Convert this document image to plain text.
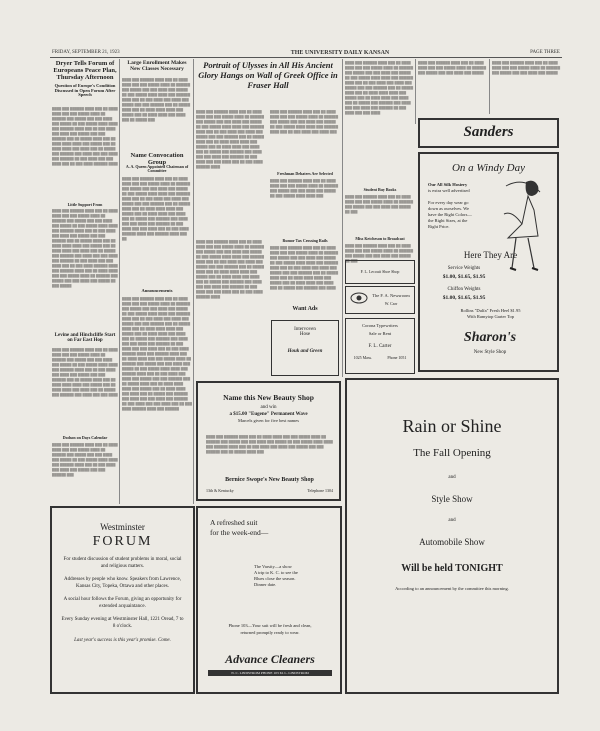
FRIDAY, SEPTEMBER 21, 1923	THE UNIVERSITY DAILY KANSAN	PAGE THREE
Dryer Tells Forum of Europeans Peace Plan, Thursday Afternoon
Question of Europe's Condition Discussed in Open Forum After Speech
████ ███ ██████ ████ ███ ██ ████ ████ ███ ███ █████ ████ ██ ██████ ███ █████ ███ ███ ████ ███ █████ ██ ███ █████ ████ ████ ███ ██████ ████ ███ ██ ███ ████ ███ ████ ███ █████ ███ ███ ██████ ███ ██ █████ ████ ███ ██ ████ ████ ████ ███ █████ ███ ██ ████ ████ ███ ████ ███ ██ █████ ███ ██████ ███ ████ ███ ███ ████ ███ ██████ ██ ███ ████ ███ ███ ████ ███ ██ ███ ████ ██████ ████
Little Support From
████ ███ ██████ ████ ███ ██ ████ ████ ███ ███ █████ ████ ██ ██████ ███ █████ ███ ███ ████ ███ █████ ██ ███ █████ ████ ████ ███ ██████ ████ ███ ██ ███ ████ ███ ████ ███ █████ ███ ███ ██████ ███ ██ █████ ████ ███ ██ ████ ████ ████ ███ █████ ███ ██ ████ ████ ███ ████ ███ ██ █████ ███ ██████ ███ ████ ███ ███ ████ ███ ██████ ██ ███ ████ ███ ███ ████ ███ ██ ███ ████ ██████ ████ ███ ██████ ████ ███ ██ ████ ████ ███ ███ █████ ████ ██ ██████ ███ █████ ███ ███ ████ ███ █████ ██ ███ █████
Levine and Hinchcliffe Start on Far East Hop
████ ███ ██████ ████ ███ ██ ████ ████ ███ ███ █████ ████ ██ ██████ ███ █████ ███ ███ ████ ███ █████ ██ ███ █████ ████ ████ ███ ██████ ████ ███ ██ ███ ████ ███ ████ ███ █████ ███ ███ ██████ ███ ██ █████ ████ ███ ██ ████ ████ ████ ███ █████ ███ ██ ████ ████ ███ ████ ███ ██ █████ ███ ██████ ███ ████ ███ ███ ████
Dodson on Days Calendar
████ ███ ██████ ████ ███ ██ ████ ████ ███ ███ █████ ████ ██ ██████ ███ █████ ███ ███ ████ ███ █████ ██ ███ █████ ████ ████ ███ ██████ ████ ███ ██ ███ ████ ███ ████ ███ █████ ███ ███ ██████ ███
Large Enrollment Makes New Classes Necessary
████ ███ ██████ ████ ███ ██ ████ ████ ███ ███ █████ ████ ██ ██████ ███ █████ ███ ███ ████ ███ █████ ██ ███ █████ ████ ████ ███ ██████ ████ ███ ██ ███ ████ ███ ████ ███ █████ ███ ███ ██████ ███ ██ █████ ████ ███ ██ ████ ████ ████ ███ █████ ███ ██ ████ ████ ███ ████ ███ ██ █████ ███
Name Convocation Group
A. A. Queen Appointed Chairman of Committee
████ ███ ██████ ████ ███ ██ ████ ████ ███ ███ █████ ████ ██ ██████ ███ █████ ███ ███ ████ ███ █████ ██ ███ █████ ████ ████ ███ ██████ ████ ███ ██ ███ ████ ███ ████ ███ █████ ███ ███ ██████ ███ ██ █████ ████ ███ ██ ████ ████ ████ ███ █████ ███ ██ ████ ████ ███ ████ ███ ██ █████ ███ ██████ ███ ████ ███ ███ ████ ███ ██████ ██ ███ ████ ███ ███ ████ ███ ██ ███ ████ ██████ ████ ███ ██████ ████ ███ ██
Announcements
████ ███ ██████ ████ ███ ██ ████ ████ ███ ███ █████ ████ ██ ██████ ███ █████ ███ ███ ████ ███ █████ ██ ███ █████ ████ ████ ███ ██████ ████ ███ ██ ███ ████ ███ ████ ███ █████ ███ ███ ██████ ███ ██ █████ ████ ███ ██ ████ ████ ████ ███ █████ ███ ██ ████ ████ ███ ████ ███ ██ █████ ███ ██████ ███ ████ ███ ███ ████ ███ ██████ ██ ███ ████ ███ ███ ████ ███ ██ ███ ████ ██████ ████ ███ ██████ ████ ███ ██ ████ ████ ███ ███ █████ ████ ██ ██████ ███ █████ ███ ███ ████ ███ █████ ██ ███ █████ ████ ████ ███ ██████ ████ ███ ██ ███ ████ ███ ████ ███ █████ ███ ███ ██████ ███ ██ █████ ████ ███ ██ ████ ████ ████ ███ █████ ███ ██ ████ ████ ███ ████ ███ ██ █████ ███ ██████ ███ ████ ███ ███ ████ ███ ██████ ██ ███ ████ ███ ███ ████ ███ ██ ███ ████ ██████ ████ ███ ██████
Portrait of Ulysses in All His Ancient Glory Hangs on Wall of Greek Office in Fraser Hall
████ ███ ██████ ████ ███ ██ ████ ████ ███ ███ █████ ████ ██ ██████ ███ █████ ███ ███ ████ ███ █████ ██ ███ █████ ████ ████ ███ ██████ ████ ███ ██ ███ ████ ███ ████ ███ █████ ███ ███ ██████ ███ ██ █████ ████ ███ ██ ████ ████ ████ ███ █████ ███ ██ ████ ████ ███ ████ ███ ██ █████ ███ ██████ ███ ████ ███ ███ ████ ███ ██████ ██ ███ ████ ███ ███ ████ ███ ██ ███ ████ ██████ ████
████ ███ ██████ ████ ███ ██ ████ ████ ███ ███ █████ ████ ██ ██████ ███ █████ ███ ███ ████ ███ █████ ██ ███ █████ ████ ████ ███ ██████ ████ ███ ██ ███ ████ ███ ████ ███
Freshman Debaters Are Selected
████ ███ ██████ ████ ███ ██ ████ ████ ███ ███ █████ ████ ██ ██████ ███ █████ ███ ███ ████ ███ █████ ██ ███ █████ ████ ████ ███
Rumor Tax Crossing Rails
████ ███ ██████ ████ ███ ██ ████ ████ ███ ███ █████ ████ ██ ██████ ███ █████ ███ ███ ████ ███ █████ ██ ███ █████ ████ ████ ███ ██████ ████ ███ ██ ███ ████ ███ ████ ███ █████ ███ ███ ██████ ███ ██ █████ ████ ███ ██ ████ ████ ████ ███ █████ ███ ██ ████ ████ ███ ████ ███ ██ █████ ███ ██████ ███ ████ ███ ███ ████ ███ ██████ ██ ███ ████ ███ ███ ████ ███ ██ ███ ████ ██████ ████
████ ███ ██████ ████ ███ ██ ████ ████ ███ ███ █████ ████ ██ ██████ ███ █████ ███ ███ ████ ███ █████ ██ ███ █████ ████ ████ ███ ██████ ████ ███ ██ ███ ████ ███ ████ ███ █████ ███ ███ ██████ ███ ██ █████ ████ ███ ██ ████ ████ ████ ███ █████ ███ ██ ████ ████ ███ ████ ███ ██ █████ ███ ██████ ███ ████
████ ███ ██████ ████ ███ ██ ████ ████ ███ ███ █████ ████ ██ ██████ ███ █████ ███ ███ ████ ███ █████ ██ ███ █████ ████ ████ ███ ██████ ████ ███ ██ ███ ████ ███ ████ ███ █████ ███ ███ ██████ ███ ██ █████ ████ ███ ██ ████ ████ ████ ███ █████ ███ ██ ████ ████ ███ ████ ███ ██ █████ ███ ██████ ███ ████ ███ ███ ████ ███ ██████ ██ ███ ████ ███ ███ ████
Student Buy Books
████ ███ ██████ ████ ███ ██ ████ ████ ███ ███ █████ ████ ██ ██████ ███ █████ ███ ███ ████ ███ █████ ██ ███
Miss Ketcheson to Broadcast
████ ███ ██████ ████ ███ ██ ████ ████ ███ ███ █████ ████ ██ ██████ ███ █████ ███ ███ ████ ███ █████ ██ ███
Want Ads
Intervoven
Hose
Houk and Green
████ ███ ██████ ████ ███ ██ ████ ████ ███ ███ █████ ████ ██ ██████ ███ █████ ███ ███ ████ ███ █████
████ ███ ██████ ████ ███ ██ ████ ████ ███ ███ █████ ████ ██ ██████ ███ █████ ███ ███ ████ ███ █████
Sanders
On a Windy Day
Our All Silk Hosiery
is extra well advertised
For every day wear go
down as ourselves. We
have the Right Colors—
the Right Sizes, at the
Right Price.
Here They Are
Service Weights
$1.00, $1.65, $1.95
Chiffon Weights
$1.00, $1.65, $1.95
Rollins "Dulfa" Fresh Heel $1.95
With Ramytop Garter Top
Sharon's
New Style Shop
F. L. Lecouit Shoe Shop
The F. A. Newsroom
W. Carr
Corona Typewriters
Sale or Rent
F. L. Carter
1025 Mass.	Phone 1051
Name this New Beauty Shop
and win
a $15.00 "Eugene" Permanent Wave
Marcels given for five best names
████ ███ ██████ ████ ███ ██ ████ ████ ███ ███ █████ ████ ██ ██████ ███ █████ ███ ███ ████ ███ █████ ██ ███ █████ ████ ████ ███ ██████ ████ ███ ██ ███ ████ ███ ████ ███ █████ ███ ███ ██████ ███ ██ █████ ████ ███
Bernice Swope's New Beauty Shop
13th & Kentucky	Telephone 1304
Westminster
FORUM
For student discussion of student problems in moral, social and religious matters.
Addresses by people who know. Speakers from Lawrence, Kansas City, Topeka, Ottawa and other places.
A social hour follows the Forum, giving an opportunity for extended acquaintance.
Every Sunday evening at Westminster Hall, 1221 Oread, 7 to 8 o'clock.
Last year's success is this year's promise. Come.
A refreshed suit
for the week-end—
The Varsity—a show
A trip to K. C. to see the
Blues close the season.
Dinner date.
Phone 103—Your suit will be fresh and clean,
returned promptly ready to wear.
Advance Cleaners
N. C. LINDSTROM PHONE 103 M. L. LINDSTROM
Rain or Shine
The Fall Opening
and
Style Show
and
Automobile Show
Will be held TONIGHT
According to an announcement by the committee this morning.
